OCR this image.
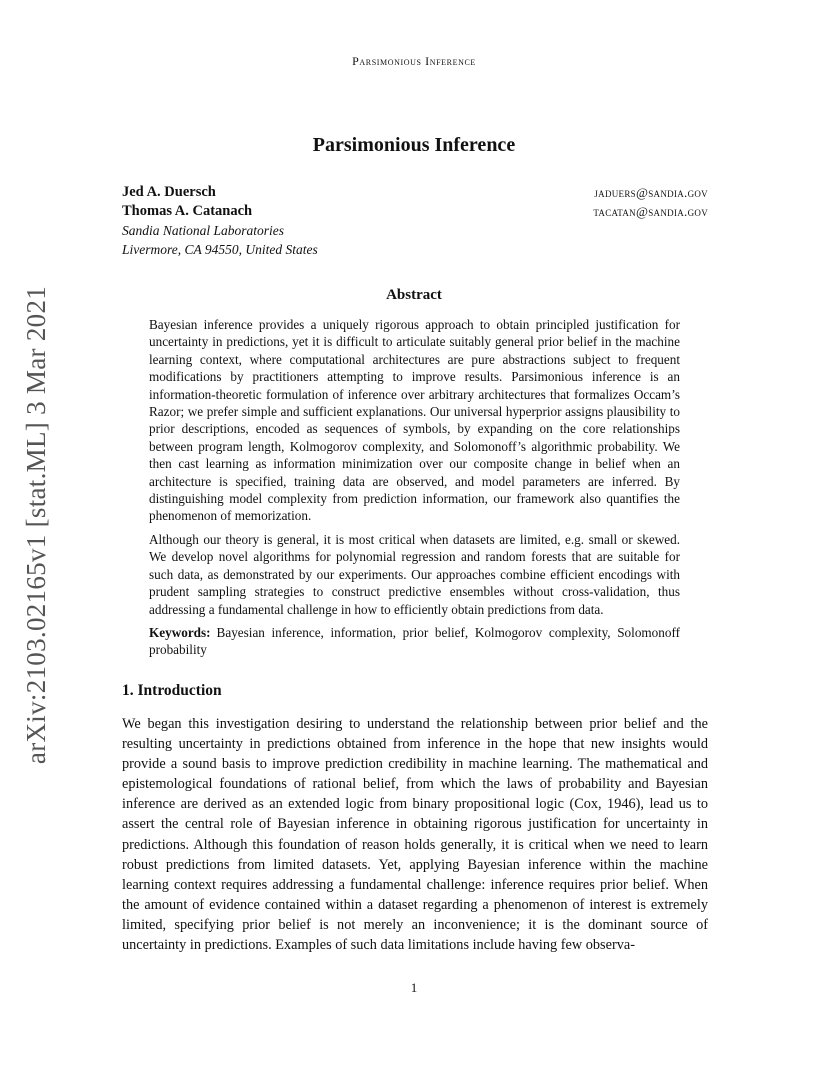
Parsimonious Inference
arXiv:2103.02165v1 [stat.ML] 3 Mar 2021
Parsimonious Inference
Jed A. Duersch	jaduers@sandia.gov
Thomas A. Catanach	tacatan@sandia.gov
Sandia National Laboratories
Livermore, CA 94550, United States
Abstract

Bayesian inference provides a uniquely rigorous approach to obtain principled justification for uncertainty in predictions, yet it is difficult to articulate suitably general prior belief in the machine learning context, where computational architectures are pure abstractions subject to frequent modifications by practitioners attempting to improve results. Parsimonious inference is an information-theoretic formulation of inference over arbitrary architectures that formalizes Occam’s Razor; we prefer simple and sufficient explanations. Our universal hyperprior assigns plausibility to prior descriptions, encoded as sequences of symbols, by expanding on the core relationships between program length, Kolmogorov complexity, and Solomonoff’s algorithmic probability. We then cast learning as information minimization over our composite change in belief when an architecture is specified, training data are observed, and model parameters are inferred. By distinguishing model complexity from prediction information, our framework also quantifies the phenomenon of memorization.

Although our theory is general, it is most critical when datasets are limited, e.g. small or skewed. We develop novel algorithms for polynomial regression and random forests that are suitable for such data, as demonstrated by our experiments. Our approaches combine efficient encodings with prudent sampling strategies to construct predictive ensembles without cross-validation, thus addressing a fundamental challenge in how to efficiently obtain predictions from data.

Keywords: Bayesian inference, information, prior belief, Kolmogorov complexity, Solomonoff probability
1. Introduction

We began this investigation desiring to understand the relationship between prior belief and the resulting uncertainty in predictions obtained from inference in the hope that new insights would provide a sound basis to improve prediction credibility in machine learning. The mathematical and epistemological foundations of rational belief, from which the laws of probability and Bayesian inference are derived as an extended logic from binary propositional logic (Cox, 1946), lead us to assert the central role of Bayesian inference in obtaining rigorous justification for uncertainty in predictions. Although this foundation of reason holds generally, it is critical when we need to learn robust predictions from limited datasets. Yet, applying Bayesian inference within the machine learning context requires addressing a fundamental challenge: inference requires prior belief. When the amount of evidence contained within a dataset regarding a phenomenon of interest is extremely limited, specifying prior belief is not merely an inconvenience; it is the dominant source of uncertainty in predictions. Examples of such data limitations include having few observa-

1
